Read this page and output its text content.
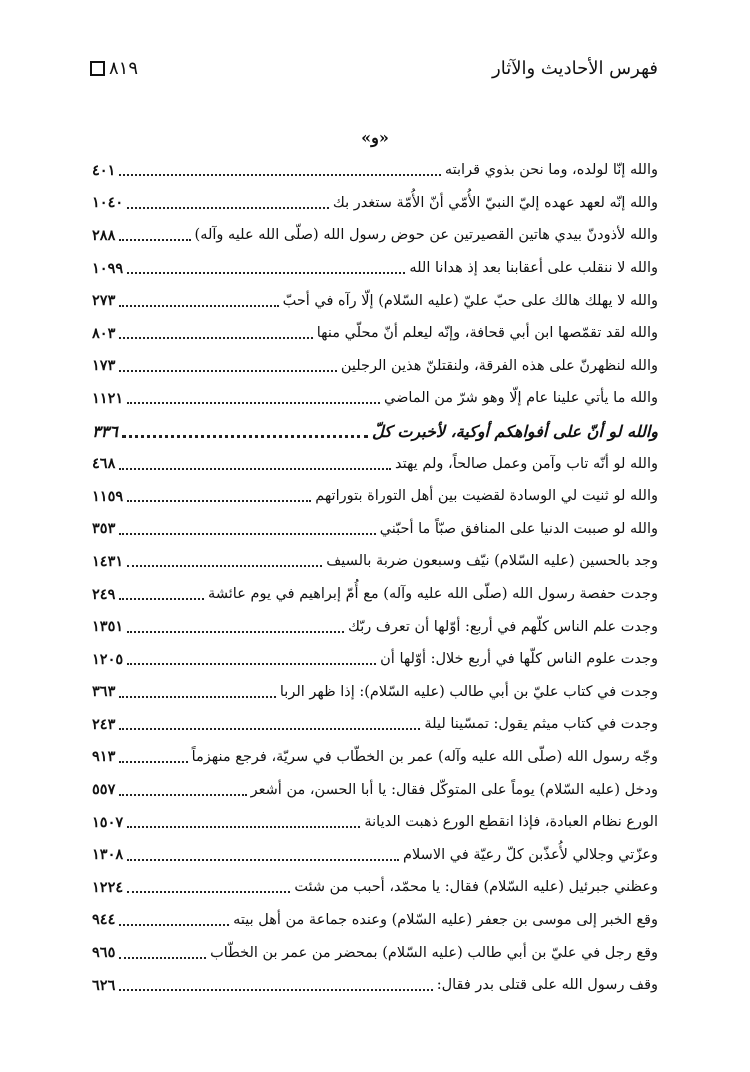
فهرس الأحاديث والآثار
٨١٩
«و»
والله إنّا لولده، وما نحن بذوي قرابته
٤٠١
والله إنّه لعهد عهده إليّ النبيّ الأُمّي أنّ الأُمّة ستغدر بك
١٠٤٠
والله لأذودنّ بيدي هاتين القصيرتين عن حوض رسول الله (صلّى الله عليه وآله)
٢٨٨
والله لا ننقلب على أعقابنا بعد إذ هدانا الله
١٠٩٩
والله لا يهلك هالك على حبّ عليّ (عليه السّلام) إلّا رآه في أحبّ
٢٧٣
والله لقد تقمّصها ابن أبي قحافة، وإنّه ليعلم أنّ محلّي منها
٨٠٣
والله لنظهرنّ على هذه الفرقة، ولنقتلنّ هذين الرجلين
١٧٣
والله ما يأتي علينا عام إلّا وهو شرّ من الماضي
١١٢١
والله لو أنّ على أفواهكم أوكية، لأخبرت كلّ
٣٣٦
والله لو أنّه تاب وآمن وعمل صالحاً، ولم يهتد
٤٦٨
والله لو ثنيت لي الوسادة لقضيت بين أهل التوراة بتوراتهم
١١٥٩
والله لو صببت الدنيا على المنافق صبّاً ما أحبّني
٣٥٣
وجد بالحسين (عليه السّلام) نيّف وسبعون ضربة بالسيف
١٤٣١
وجدت حفصة رسول الله (صلّى الله عليه وآله) مع أُمّ إبراهيم في يوم عائشة
٢٤٩
وجدت علم الناس كلّهم في أربع: أوّلها أن تعرف ربّك
١٣٥١
وجدت علوم الناس كلّها في أربع خلال: أوّلها أن
١٢٠٥
وجدت في كتاب عليّ بن أبي طالب (عليه السّلام): إذا ظهر الربا
٣٦٣
وجدت في كتاب ميثم يقول: تمسّينا ليلة
٢٤٣
وجّه رسول الله (صلّى الله عليه وآله) عمر بن الخطّاب في سريّة، فرجع منهزماً
٩١٣
ودخل (عليه السّلام) يوماً على المتوكّل فقال: يا أبا الحسن، من أشعر
٥٥٧
الورع نظام العبادة، فإذا انقطع الورع ذهبت الديانة
١٥٠٧
وعزّتي وجلالي لأُعذّبن كلّ رعيّة في الاسلام
١٣٠٨
وعظني جبرئيل (عليه السّلام) فقال: يا محمّد، أحبب من شئت
١٢٢٤
وقع الخبر إلى موسى بن جعفر (عليه السّلام) وعنده جماعة من أهل بيته
٩٤٤
وقع رجل في عليّ بن أبي طالب (عليه السّلام) بمحضر من عمر بن الخطّاب
٩٦٥
وقف رسول الله على قتلى بدر فقال:
٦٢٦
